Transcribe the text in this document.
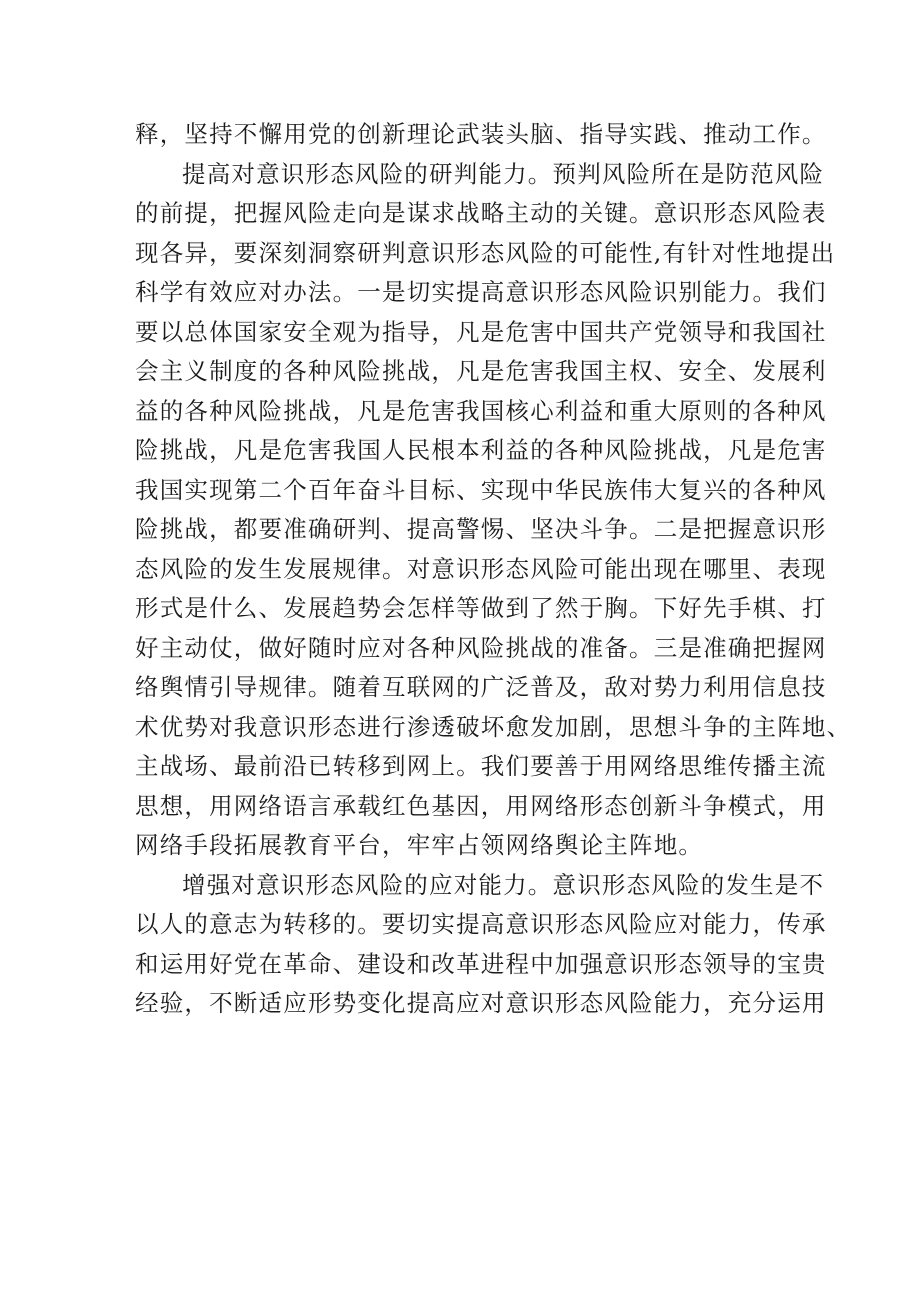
释，坚持不懈用党的创新理论武装头脑、指导实践、推动工作。
提高对意识形态风险的研判能力。预判风险所在是防范风险
的前提，把握风险走向是谋求战略主动的关键。意识形态风险表
现各异，要深刻洞察研判意识形态风险的可能性,有针对性地提出
科学有效应对办法。一是切实提高意识形态风险识别能力。我们
要以总体国家安全观为指导，凡是危害中国共产党领导和我国社
会主义制度的各种风险挑战，凡是危害我国主权、安全、发展利
益的各种风险挑战，凡是危害我国核心利益和重大原则的各种风
险挑战，凡是危害我国人民根本利益的各种风险挑战，凡是危害
我国实现第二个百年奋斗目标、实现中华民族伟大复兴的各种风
险挑战，都要准确研判、提高警惕、坚决斗争。二是把握意识形
态风险的发生发展规律。对意识形态风险可能出现在哪里、表现
形式是什么、发展趋势会怎样等做到了然于胸。下好先手棋、打
好主动仗，做好随时应对各种风险挑战的准备。三是准确把握网
络舆情引导规律。随着互联网的广泛普及，敌对势力利用信息技
术优势对我意识形态进行渗透破坏愈发加剧，思想斗争的主阵地、
主战场、最前沿已转移到网上。我们要善于用网络思维传播主流
思想，用网络语言承载红色基因，用网络形态创新斗争模式，用
网络手段拓展教育平台，牢牢占领网络舆论主阵地。
增强对意识形态风险的应对能力。意识形态风险的发生是不
以人的意志为转移的。要切实提高意识形态风险应对能力，传承
和运用好党在革命、建设和改革进程中加强意识形态领导的宝贵
经验，不断适应形势变化提高应对意识形态风险能力，充分运用
